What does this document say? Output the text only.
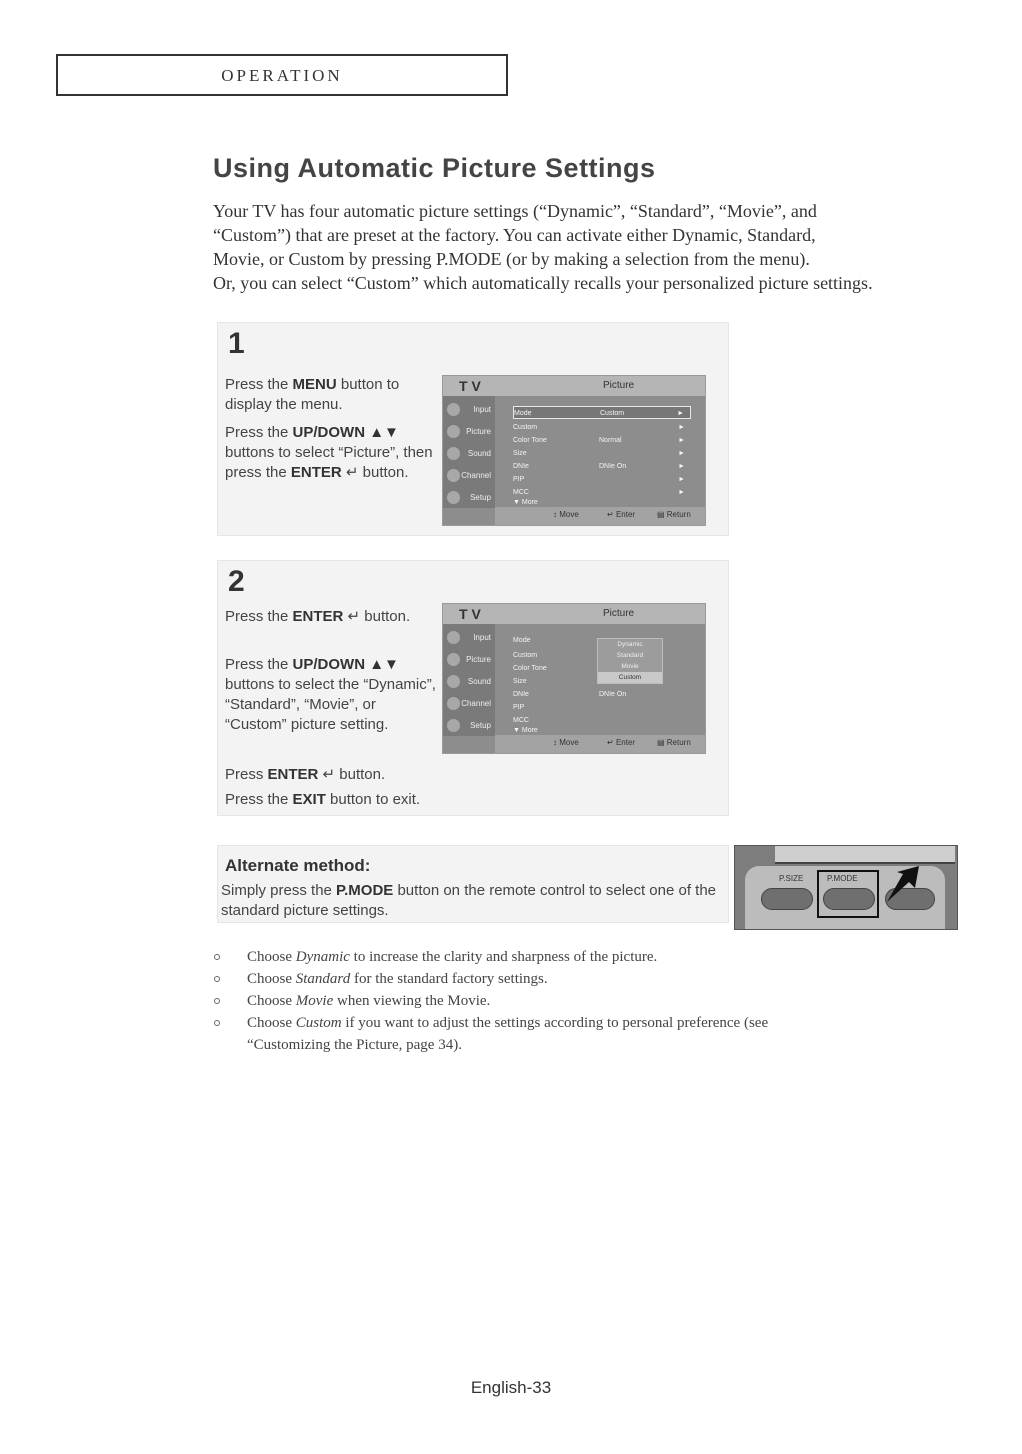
OPERATION
Using Automatic Picture Settings
Your TV has four automatic picture settings (“Dynamic”, “Standard”, “Movie”, and
“Custom”) that are preset at the factory. You can activate either Dynamic, Standard,
Movie, or Custom by pressing P.MODE (or by making a selection from the menu).
Or, you can select “Custom” which automatically recalls your personalized picture settings.
1
Press the MENU button to display the menu.
Press the UP/DOWN ▲▼ buttons to select “Picture”, then press the ENTER ↵ button.
T V	Picture
Input
Picture
Sound
Channel
Setup
Mode	Custom	►
Custom	►
Color Tone	Normal	►
Size	►
DNIe	DNIe On	►
PIP	►
MCC	►
▼ More
↕ Move	↵ Enter	▤ Return
2
Press the ENTER ↵ button.
Press the UP/DOWN ▲▼ buttons to select the “Dynamic”, “Standard”, “Movie”, or “Custom” picture setting.
Press ENTER ↵ button.
Press the EXIT button to exit.
T V	Picture
Input
Picture
Sound
Channel
Setup
Mode
Custom
Color Tone
Size
DNIe	DNIe On
PIP
MCC
▼ More
Dynamic
Standard
Movie
Custom
↕ Move	↵ Enter	▤ Return
Alternate method:
Simply press the P.MODE button on the remote control to select one of the standard picture settings.
P.SIZE	P.MODE
Choose Dynamic to increase the clarity and sharpness of the picture.
Choose Standard for the standard factory settings.
Choose Movie when viewing the Movie.
Choose Custom if you want to adjust the settings according to personal preference (see “Customizing the Picture, page 34).
English-33
